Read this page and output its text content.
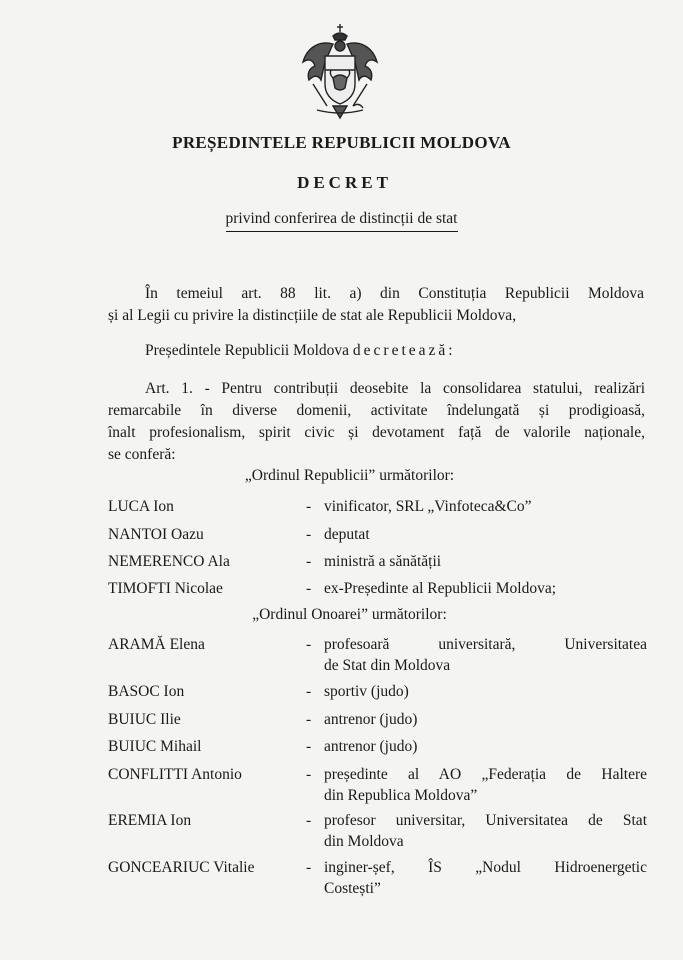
PREȘEDINTELE REPUBLICII MOLDOVA
DECRET
privind conferirea de distincții de stat
În temeiul art. 88 lit. a) din Constituția Republicii Moldova
și al Legii cu privire la distincțiile de stat ale Republicii Moldova,
Președintele Republicii Moldova decretează:
Art. 1. - Pentru contribuții deosebite la consolidarea statului, realizări
remarcabile în diverse domenii, activitate îndelungată și prodigioasă,
înalt profesionalism, spirit civic și devotament față de valorile naționale,
se conferă:
„Ordinul Republicii” următorilor:
LUCA Ion	- vinificator, SRL „Vinfoteca&Co”
NANTOI Oazu	- deputat
NEMERENCO Ala	- ministră a sănătății
TIMOFTI Nicolae	- ex-Președinte al Republicii Moldova;
„Ordinul Onoarei” următorilor:
ARAMĂ Elena	- profesoară universitară, Universitatea
de Stat din Moldova
BASOC Ion	- sportiv (judo)
BUIUC Ilie	- antrenor (judo)
BUIUC Mihail	- antrenor (judo)
CONFLITTI Antonio	- președinte al AO „Federația de Haltere
din Republica Moldova”
EREMIA Ion	- profesor universitar, Universitatea de Stat
din Moldova
GONCEARIUC Vitalie	- inginer-șef, ÎS „Nodul Hidroenergetic
Costești”
